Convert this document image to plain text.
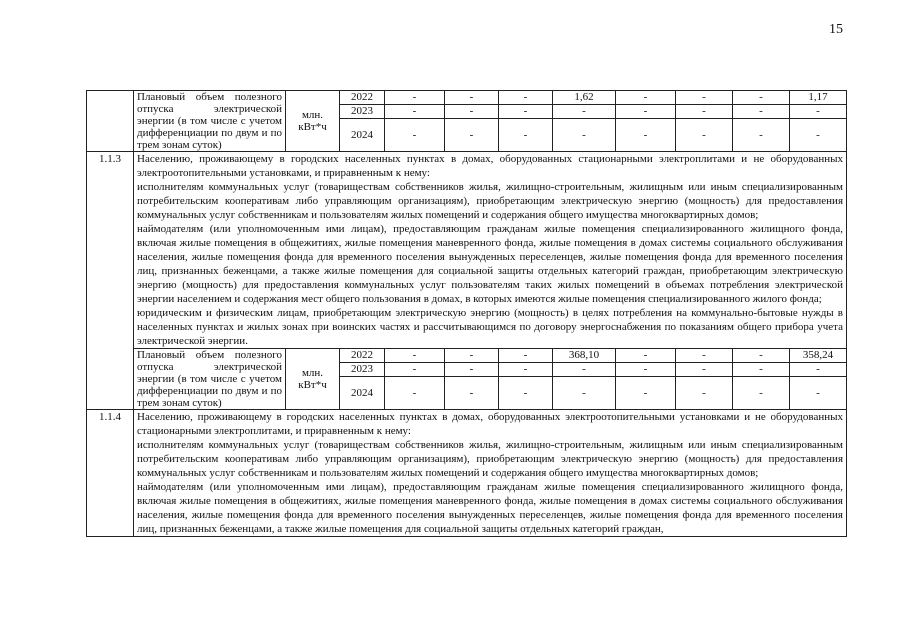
15
	Плановый объем полезного отпуска электрической энергии (в том числе с учетом дифференциации по двум и по трем зонам суток)	млн. кВт*ч	2022	-	-	-	1,62	-	-	-	1,17
			2023	-	-	-	-	-	-	-	-
			2024	-	-	-	-	-	-	-	-
1.1.3	Населению, проживающему в городских населенных пунктах в домах, оборудованных стационарными электроплитами и не оборудованных электроотопительными установками, и приравненным к нему:
исполнителям коммунальных услуг (товариществам собственников жилья, жилищно-строительным, жилищным или иным специализированным потребительским кооперативам либо управляющим организациям), приобретающим электрическую энергию (мощность) для предоставления коммунальных услуг собственникам и пользователям жилых помещений и содержания общего имущества многоквартирных домов;
наймодателям (или уполномоченным ими лицам), предоставляющим гражданам жилые помещения специализированного жилищного фонда, включая жилые помещения в общежитиях, жилые помещения маневренного фонда, жилые помещения в домах системы социального обслуживания населения, жилые помещения фонда для временного поселения вынужденных переселенцев, жилые помещения фонда для временного поселения лиц, признанных беженцами, а также жилые помещения для социальной защиты отдельных категорий граждан, приобретающим электрическую энергию (мощность) для предоставления коммунальных услуг пользователям таких жилых помещений в объемах потребления электрической энергии населением и содержания мест общего пользования в домах, в которых имеются жилые помещения специализированного жилого фонда;
юридическим и физическим лицам, приобретающим электрическую энергию (мощность) в целях потребления на коммунально-бытовые нужды в населенных пунктах и жилых зонах при воинских частях и рассчитывающимся по договору энергоснабжения по показаниям общего прибора учета электрической энергии.										

	Плановый объем полезного отпуска электрической энергии (в том числе с учетом дифференциации по двум и по трем зонам суток)	млн. кВт*ч	2022	-	-	-	368,10	-	-	-	358,24
			2023	-	-	-	-	-	-	-	-
			2024	-	-	-	-	-	-	-	-
1.1.4	Населению, проживающему в городских населенных пунктах в домах, оборудованных электроотопительными установками и не оборудованных стационарными электроплитами, и приравненным к нему:
исполнителям коммунальных услуг (товариществам собственников жилья, жилищно-строительным, жилищным или иным специализированным потребительским кооперативам либо управляющим организациям), приобретающим электрическую энергию (мощность) для предоставления коммунальных услуг собственникам и пользователям жилых помещений и содержания общего имущества многоквартирных домов;
наймодателям (или уполномоченным ими лицам), предоставляющим гражданам жилые помещения специализированного жилищного фонда, включая жилые помещения в общежитиях, жилые помещения маневренного фонда, жилые помещения в домах системы социального обслуживания населения, жилые помещения фонда для временного поселения вынужденных переселенцев, жилые помещения фонда для временного поселения лиц, признанных беженцами, а также жилые помещения для социальной защиты отдельных категорий граждан,										
